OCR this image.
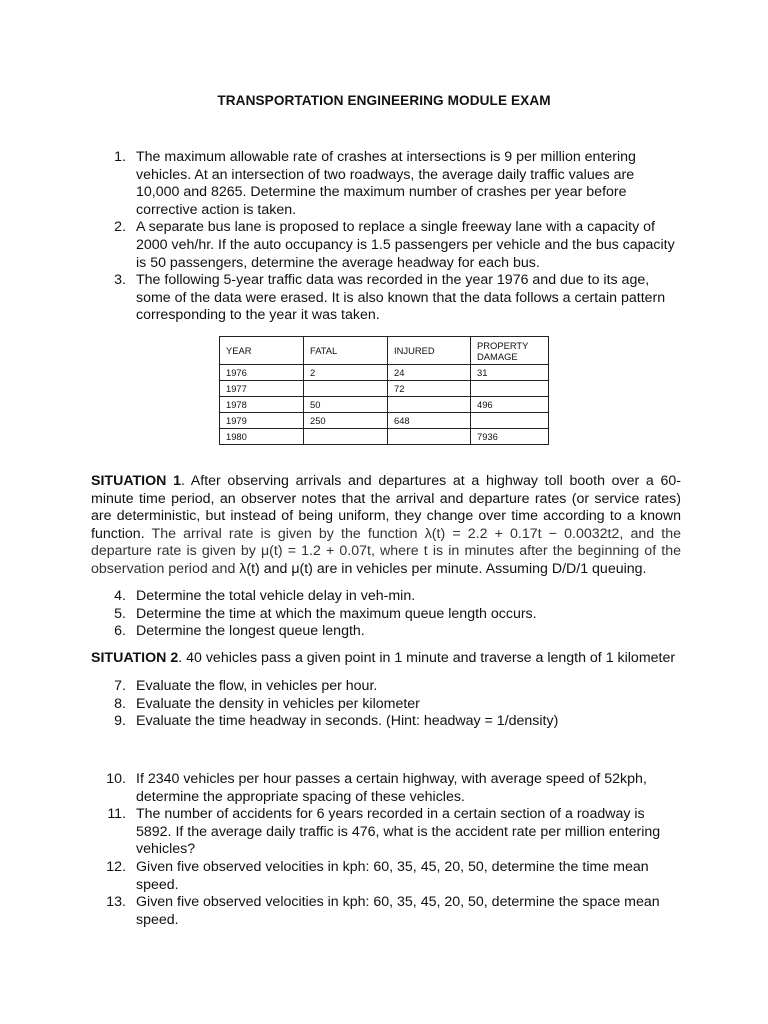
TRANSPORTATION ENGINEERING MODULE EXAM
1. The maximum allowable rate of crashes at intersections is 9 per million entering vehicles. At an intersection of two roadways, the average daily traffic values are 10,000 and 8265. Determine the maximum number of crashes per year before corrective action is taken.
2. A separate bus lane is proposed to replace a single freeway lane with a capacity of 2000 veh/hr. If the auto occupancy is 1.5 passengers per vehicle and the bus capacity is 50 passengers, determine the average headway for each bus.
3. The following 5-year traffic data was recorded in the year 1976 and due to its age, some of the data were erased. It is also known that the data follows a certain pattern corresponding to the year it was taken.
YEAR	FATAL	INJURED	PROPERTY DAMAGE
1976	2	24	31
1977		72	
1978	50		496
1979	250	648	
1980			7936
SITUATION 1. After observing arrivals and departures at a highway toll booth over a 60-minute time period, an observer notes that the arrival and departure rates (or service rates) are deterministic, but instead of being uniform, they change over time according to a known function. The arrival rate is given by the function λ(t) = 2.2 + 0.17t − 0.0032t2, and the departure rate is given by μ(t) = 1.2 + 0.07t, where t is in minutes after the beginning of the observation period and λ(t) and μ(t) are in vehicles per minute. Assuming D/D/1 queuing.
4. Determine the total vehicle delay in veh-min.
5. Determine the time at which the maximum queue length occurs.
6. Determine the longest queue length.
SITUATION 2. 40 vehicles pass a given point in 1 minute and traverse a length of 1 kilometer
7. Evaluate the flow, in vehicles per hour.
8. Evaluate the density in vehicles per kilometer
9. Evaluate the time headway in seconds. (Hint: headway = 1/density)
10. If 2340 vehicles per hour passes a certain highway, with average speed of 52kph, determine the appropriate spacing of these vehicles.
11. The number of accidents for 6 years recorded in a certain section of a roadway is 5892. If the average daily traffic is 476, what is the accident rate per million entering vehicles?
12. Given five observed velocities in kph: 60, 35, 45, 20, 50, determine the time mean speed.
13. Given five observed velocities in kph: 60, 35, 45, 20, 50, determine the space mean speed.
